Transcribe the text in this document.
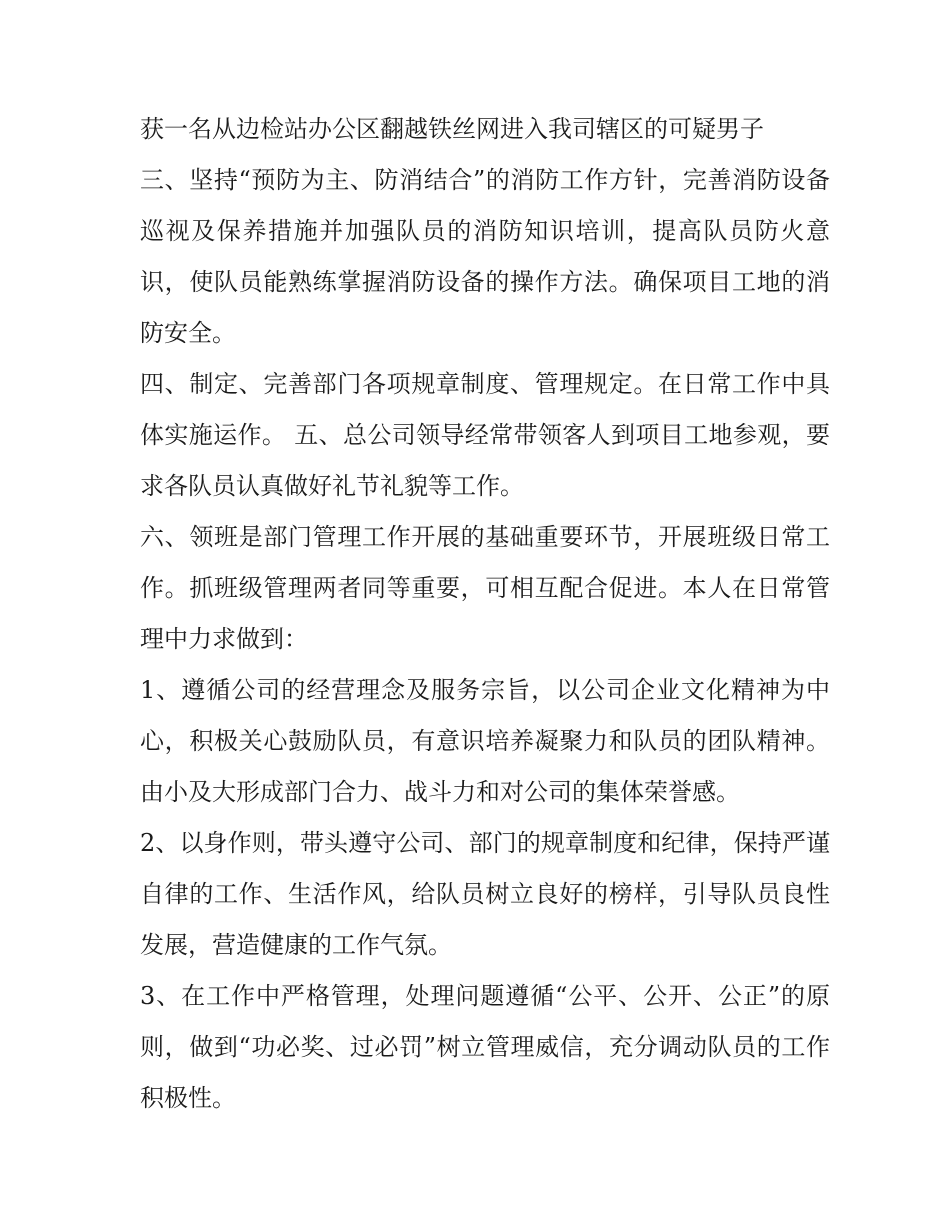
获一名从边检站办公区翻越铁丝网进入我司辖区的可疑男子

三、坚持“预防为主、防消结合”的消防工作方针，完善消防设备巡视及保养措施并加强队员的消防知识培训，提高队员防火意识，使队员能熟练掌握消防设备的操作方法。确保项目工地的消防安全。

四、制定、完善部门各项规章制度、管理规定。在日常工作中具体实施运作。 五、总公司领导经常带领客人到项目工地参观，要求各队员认真做好礼节礼貌等工作。

六、领班是部门管理工作开展的基础重要环节，开展班级日常工作。抓班级管理两者同等重要，可相互配合促进。本人在日常管理中力求做到：

1、遵循公司的经营理念及服务宗旨，以公司企业文化精神为中心，积极关心鼓励队员，有意识培养凝聚力和队员的团队精神。由小及大形成部门合力、战斗力和对公司的集体荣誉感。

2、以身作则，带头遵守公司、部门的规章制度和纪律，保持严谨自律的工作、生活作风，给队员树立良好的榜样，引导队员良性发展，营造健康的工作气氛。

3、在工作中严格管理，处理问题遵循“公平、公开、公正”的原则，做到“功必奖、过必罚”树立管理威信，充分调动队员的工作积极性。
